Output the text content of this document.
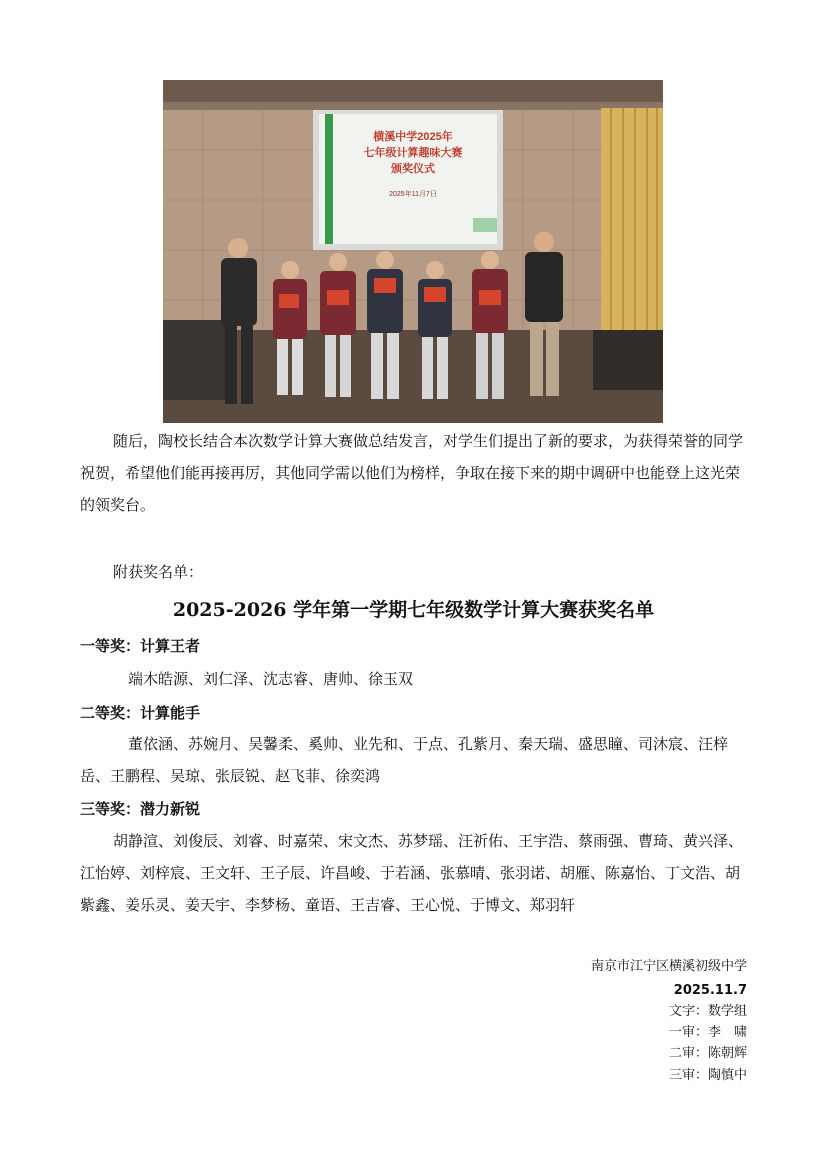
横溪中学2025年
七年级计算趣味大赛
颁奖仪式
2025年11月7日

随后，陶校长结合本次数学计算大赛做总结发言，对学生们提出了新的要求，为获得荣誉的同学祝贺，希望他们能再接再厉，其他同学需以他们为榜样，争取在接下来的期中调研中也能登上这光荣的领奖台。

附获奖名单：
2025-2026 学年第一学期七年级数学计算大赛获奖名单
一等奖：计算王者

端木皓源、刘仁泽、沈志睿、唐帅、徐玉双

二等奖：计算能手

董依涵、苏婉月、吴馨柔、奚帅、业先和、于点、孔紫月、秦天瑞、盛思瞳、司沐宸、汪梓岳、王鹏程、吴琼、张辰锐、赵飞菲、徐奕鸿

三等奖：潜力新锐

胡静渲、刘俊辰、刘睿、时嘉荣、宋文杰、苏梦瑶、汪祈佑、王宇浩、蔡雨强、曹琦、黄兴泽、江怡婷、刘梓宸、王文轩、王子辰、许昌峻、于若涵、张慕晴、张羽诺、胡雁、陈嘉怡、丁文浩、胡紫鑫、姜乐灵、姜天宇、李梦杨、童语、王吉睿、王心悦、于博文、郑羽轩

南京市江宁区横溪初级中学
2025.11.7
文字：数学组
一审：李　啸
二审：陈朝辉
三审：陶慎中
